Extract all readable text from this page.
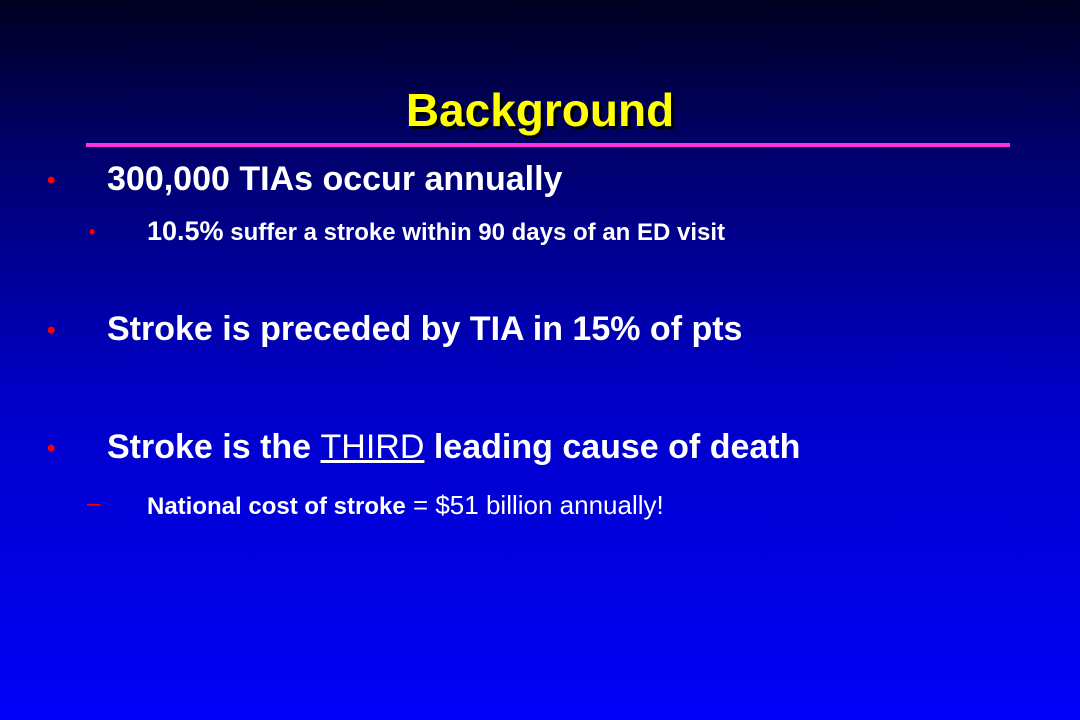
Background
• 300,000 TIAs occur annually
• 10.5% suffer a stroke within 90 days of an ED visit
• Stroke is preceded by TIA in 15% of pts
• Stroke is the THIRD leading cause of death
– National cost of stroke = $51 billion annually!
